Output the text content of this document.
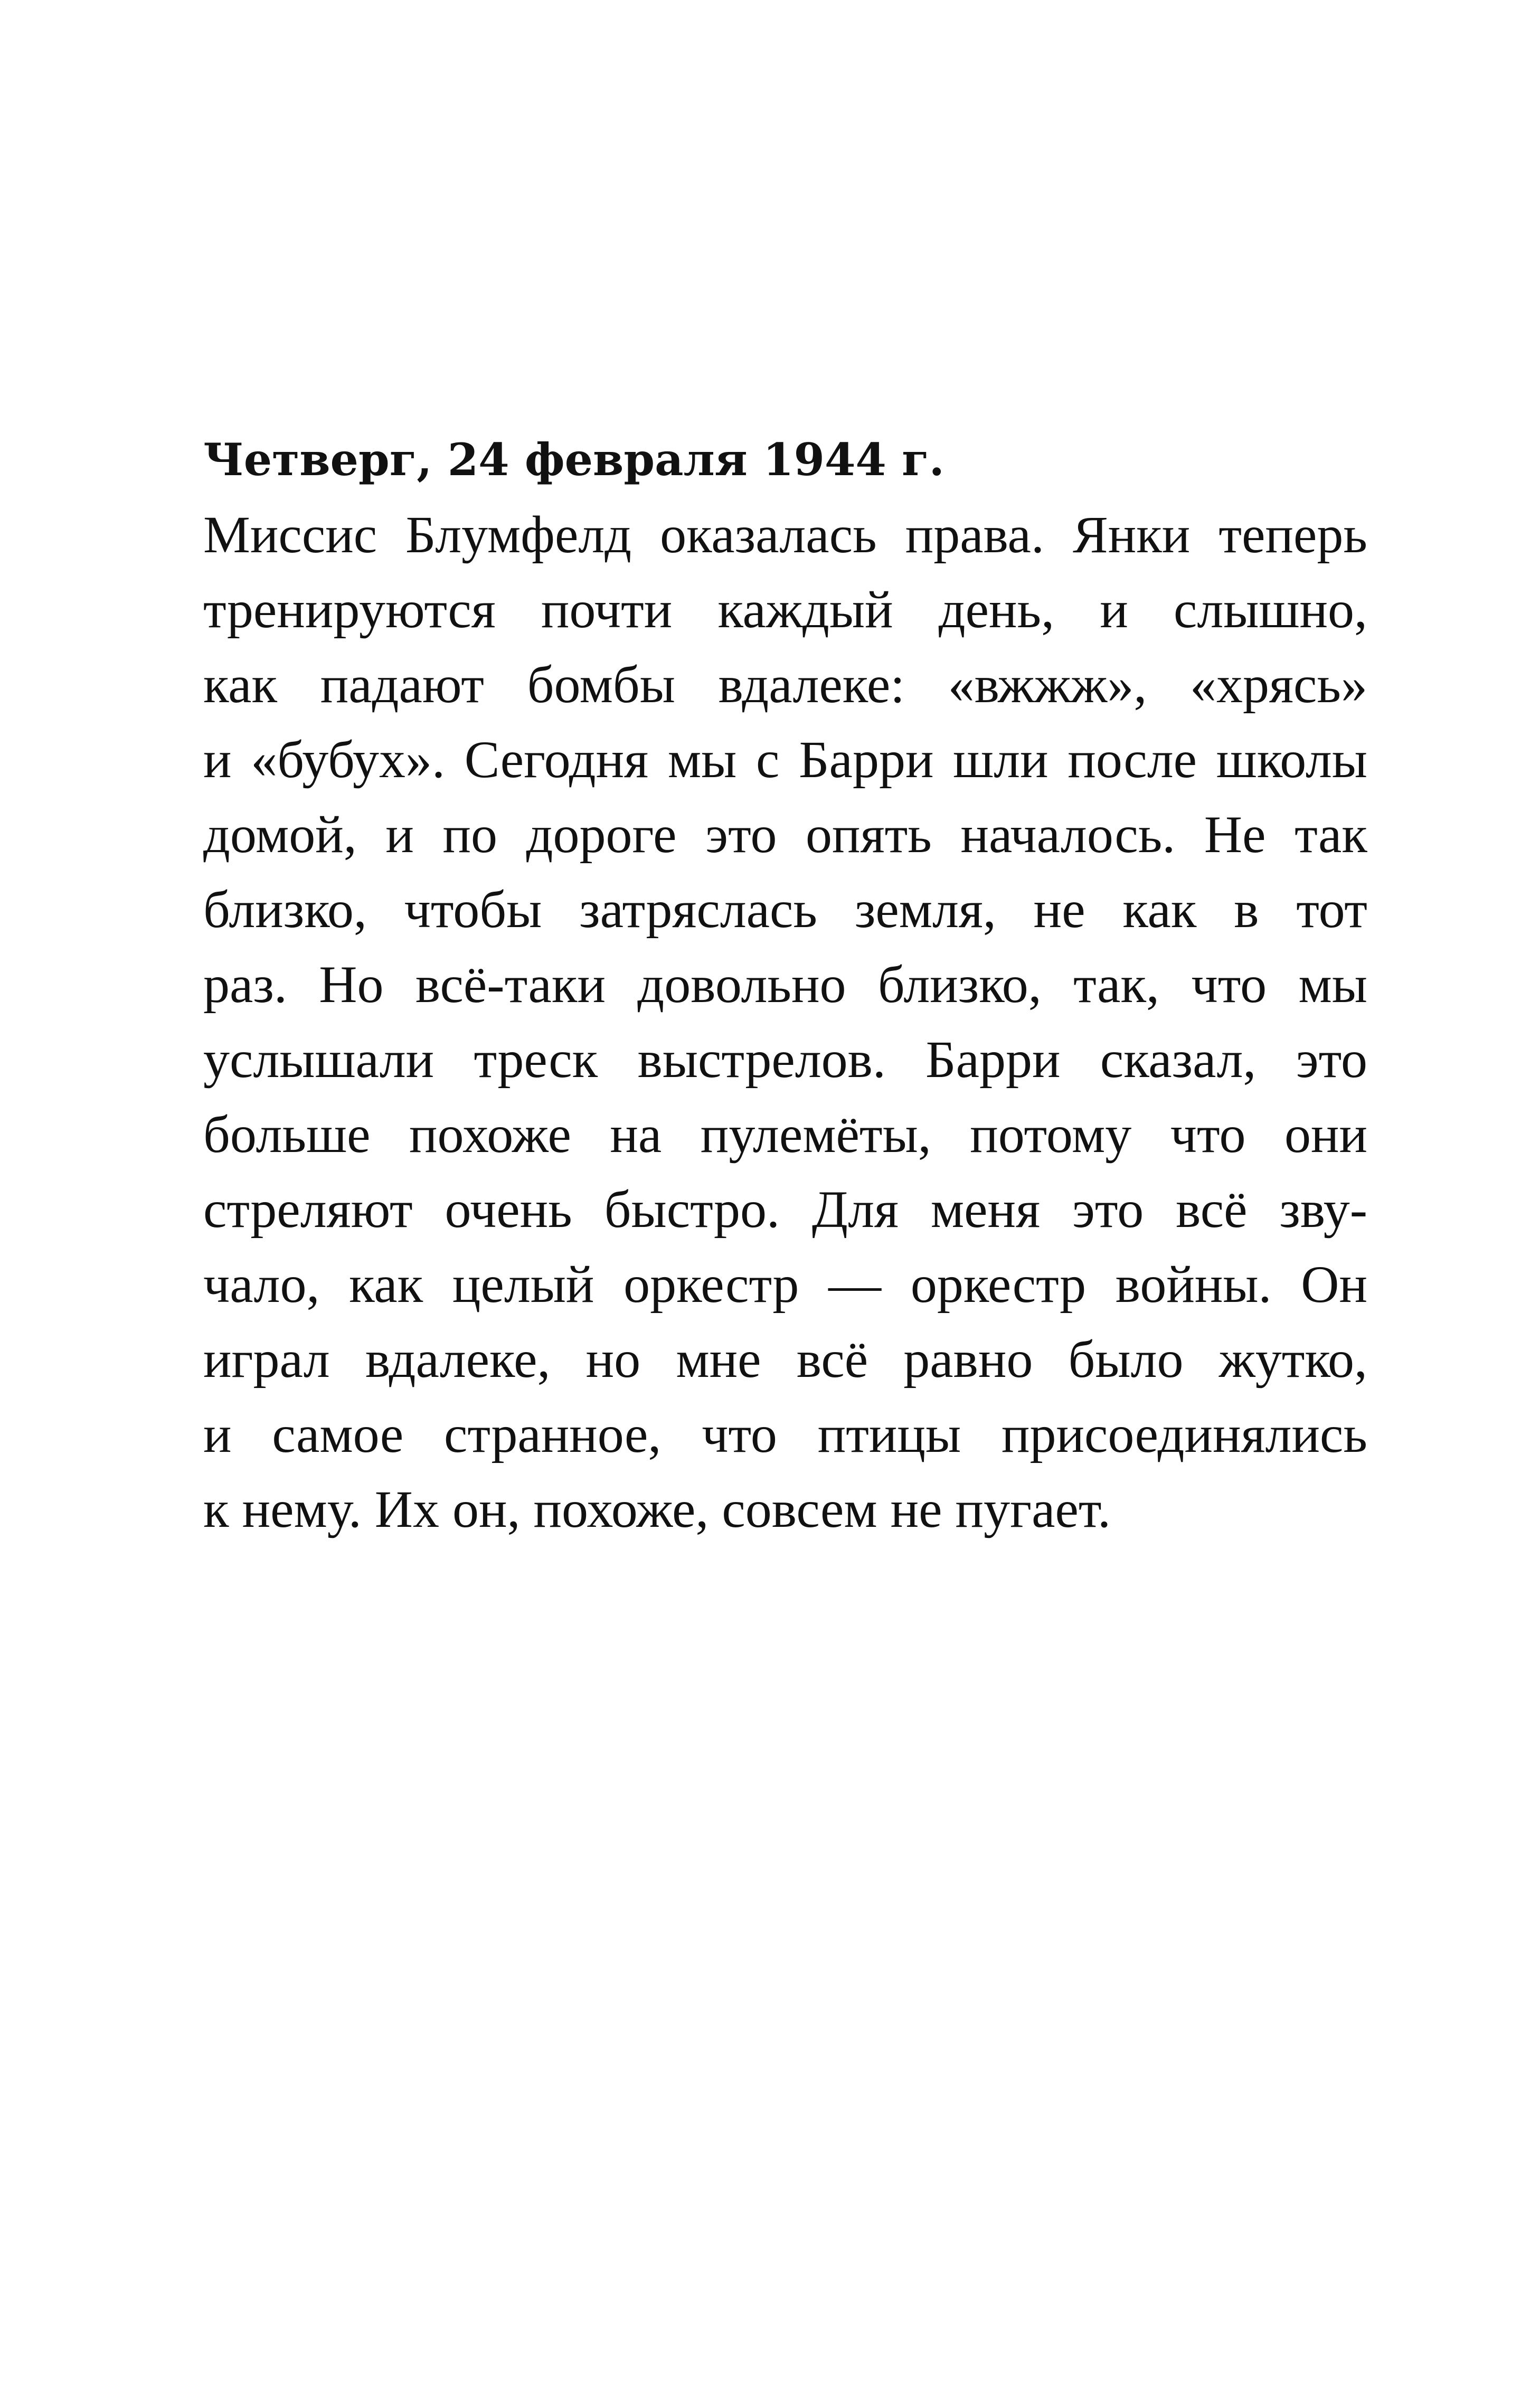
Четверг, 24 февраля 1944 г.
Миссис Блумфелд оказалась права. Янки теперь
тренируются почти каждый день, и слышно,
как падают бомбы вдалеке: «вжжж», «хрясь»
и «бубух». Сегодня мы с Барри шли после школы
домой, и по дороге это опять началось. Не так
близко, чтобы затряслась земля, не как в тот
раз. Но всё-таки довольно близко, так, что мы
услышали треск выстрелов. Барри сказал, это
больше похоже на пулемёты, потому что они
стреляют очень быстро. Для меня это всё зву-
чало, как целый оркестр — оркестр войны. Он
играл вдалеке, но мне всё равно было жутко,
и самое странное, что птицы присоединялись
к нему. Их он, похоже, совсем не пугает.
